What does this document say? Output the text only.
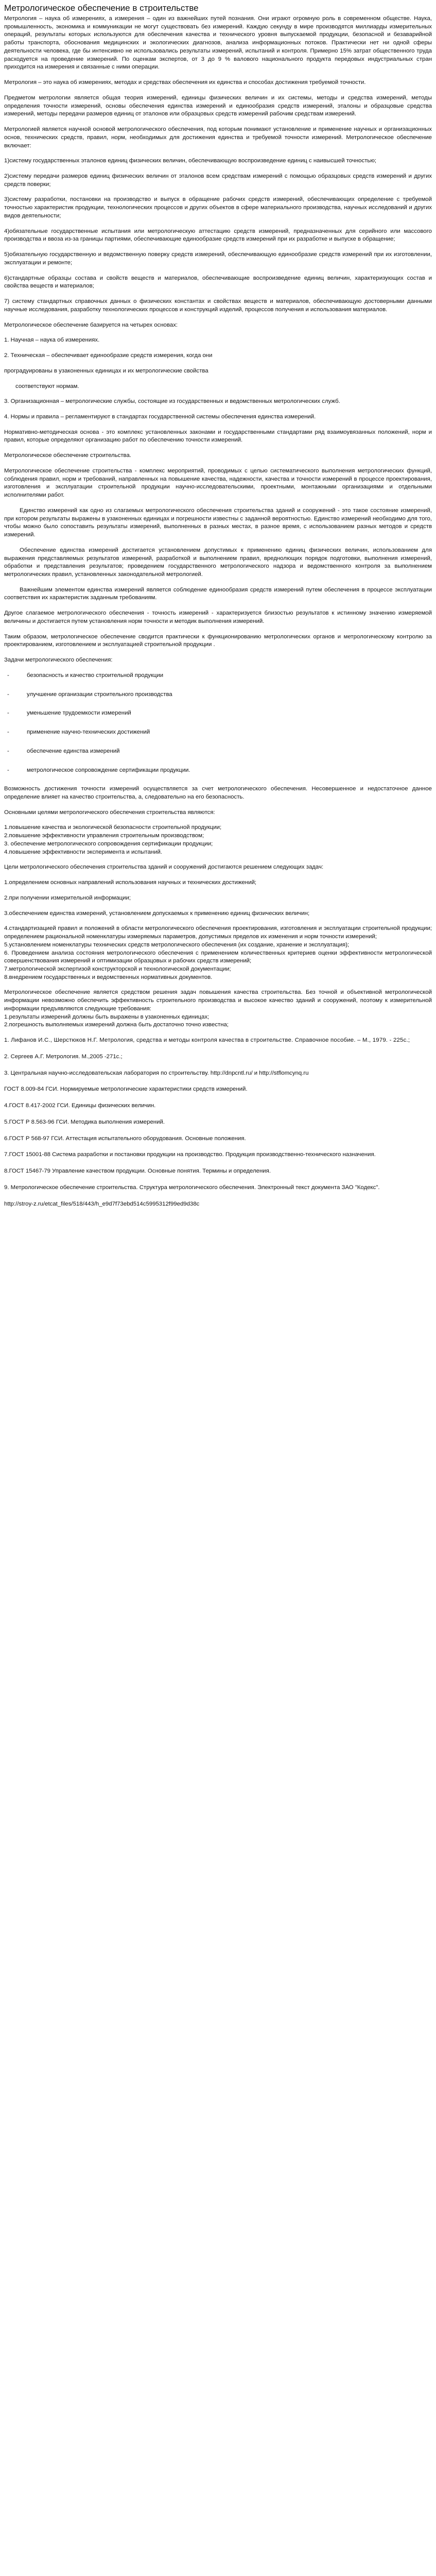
Метрологическое обеспечение в строительстве
Метрология – наука об измерениях, а измерения – один из важнейших путей познания. Они играют огромную роль в современном обществе. Наука, промышленность, экономика и коммуникации не могут существовать без измерений. Каждую секунду в мире производятся миллиарды измерительных операций, результаты которых используются для обеспечения качества и технического уровня выпускаемой продукции, безопасной и безаварийной работы транспорта, обоснования медицинских и экологических диагнозов, анализа информационных потоков. Практически нет ни одной сферы деятельности человека, где бы интенсивно не использовались результаты измерений, испытаний и контроля. Примерно 15% затрат общественного труда расходуется на проведение измерений. По оценкам экспертов, от 3 до 9 % валового национального продукта передовых индустриальных стран приходится на измерения и связанные с ними операции.
Метрология – это наука об измерениях, методах и средствах обеспечения их единства и способах достижения требуемой точности.
Предметом метрологии является общая теория измерений, единицы физических величин и их системы, методы и средства измерений, методы определения точности измерений, основы обеспечения единства измерений и единообразия средств измерений, эталоны и образцовые средства измерений, методы передачи размеров единиц от эталонов или образцовых средств измерений рабочим средствам измерений.
Метрологией является научной основой метрологического обеспечения, под которым понимают установление и применение научных и организационных основ, технических средств, правил, норм, необходимых для достижения единства и требуемой точности измерений. Метрологическое обеспечение включает:
1)систему государственных эталонов единиц физических величин, обеспечивающую воспроизведение единиц с наивысшей точностью;
2)систему передачи размеров единиц физических величин от эталонов всем средствам измерений с помощью образцовых средств измерений и других средств поверки;
3)систему разработки, постановки на производство и выпуск в обращение рабочих средств измерений, обеспечивающих определение с требуемой точностью характеристик продукции, технологических процессов и других объектов в сфере материального производства, научных исследований и других видов деятельности;
4)обязательные государственные испытания или метрологическую аттестацию средств измерений, предназначенных для серийного или массового производства и ввоза из-за границы партиями, обеспечивающие единообразие средств измерений при их разработке и выпуске в обращение;
5)обязательную государственную и ведомственную поверку средств измерений, обеспечивающую единообразие средств измерений при их изготовлении, эксплуатации и ремонте;
6)стандартные образцы состава и свойств веществ и материалов, обеспечивающие воспроизведение единиц величин, характеризующих состав и свойства веществ и материалов;
7) систему стандартных справочных данных о физических константах и свойствах веществ и материалов, обеспечивающую достоверными данными научные исследования, разработку технологических процессов и конструкций изделий, процессов получения и использования материалов.
Метрологическое обеспечение базируется на четырех основах:
1. Научная – наука об измерениях.
2. Техническая – обеспечивает единообразие средств измерения, когда они
проградуированы в узаконенных единицах и их метрологические свойства
соответствуют нормам.
3. Организационная – метрологические службы, состоящие из государственных и ведомственных метрологических служб.
4. Нормы и правила – регламентируют в стандартах государственной системы обеспечения единства измерений.
Нормативно-методическая основа - это комплекс установленных законами и государственными стандартами ряд взаимоувязанных положений, норм и правил, которые определяют организацию работ по обеспечению точности измерений.
Метрологическое обеспечение строительства.
Метрологическое обеспечение строительства - комплекс мероприятий, проводимых с целью систематического выполнения метрологических функций, соблюдения правил, норм и требований, направленных на повышение качества, надежности, качества и точности измерений в процессе проектирования, изготовления и эксплуатации строительной продукции научно-исследовательскими, проектными, монтажными организациями и отдельными исполнителями работ.
Единство измерений как одно из слагаемых метрологического обеспечения строительства зданий и сооружений - это такое состояние измерений, при котором результаты выражены в узаконенных единицах и погрешности известны с заданной вероятностью. Единство измерений необходимо для того, чтобы можно было сопоставить результаты измерений, выполненных в разных местах, в разное время, с использованием разных методов и средств измерений.
Обеспечение единства измерений достигается установлением допустимых к применению единиц физических величин, использованием для выражения представляемых результатов измерений, разработкой и выполнением правил, вреднолющих порядок подготовки, выполнения измерений, обработки и представления результатов; проведением государственного метрологического надзора и ведомственного контроля за выполнением метрологических правил, установленных законодательной метрологией.
Важнейшим элементом единства измерений является соблюдение единообразия средств измерений путем обеспечения в процессе эксплуатации соответствия их характеристик заданным требованиям.
Другое слагаемое метрологического обеспечения - точность измерений - характеризуется близостью результатов к истинному значению измеряемой величины и достигается путем установления норм точности и методик выполнения измерений.
Таким образом, метрологическое обеспечение сводится практически к функционированию метрологических органов и метрологическому контролю за проектированием, изготовлением и эксплуатацией строительной продукции .
Задачи метрологического обеспечения:
-	безопасность и качество строительной продукции
-	улучшение организации строительного производства
-	уменьшение трудоемкости измерений
-	применение научно-технических достижений
-	обеспечение единства измерений
-	метрологическое сопровождение сертификации продукции.
Возможность достижения точности измерений осуществляется за счет метрологического обеспечения. Несовершенное и недостаточное данное определение влияет на качество строительства, а, следовательно на его безопасность.
Основными целями метрологического обеспечения строительства являются:
1.повышение качества и экологической безопасности строительной продукции;
2.повышение эффективности управления строительным производством;
3. обеспечение метрологического сопровождения сертификации продукции;
4.повышение эффективности эксперимента и испытаний.
Цели метрологического обеспечения строительства зданий и сооружений достигаются решением следующих задач:
1.определением основных направлений использования научных и технических достижений;
2.при получении измерительной информации;
3.обеспечением единства измерений, установлением допускаемых к применению единиц физических величин;
4.стандартизацией правил и положений в области метрологического обеспечения проектирования, изготовления и эксплуатации строительной продукции; определением рациональной номенклатуры измеряемых параметров, допустимых пределов их изменения и норм точности измерений;
5.установлением номенклатуры технических средств метрологического обеспечения (их создание, хранение и эксплуатация);
6. Проведением анализа состояния метрологического обеспечения с применением количественных критериев оценки эффективности метрологической совершенствования измерений и оптимизации образцовых и рабочих средств измерений;
7.метрологической экспертизой конструкторской и технологической документации;
8.внедрением государственных и ведомственных нормативных документов.
Метрологическое обеспечение является средством решения задач повышения качества строительства. Без точной и объективной метрологической информации невозможно обеспечить эффективность строительного производства и высокое качество зданий и сооружений, поэтому к измерительной информации предъявляются следующие требования:
1.результаты измерений должны быть выражены в узаконенных единицах;
2.погрешность выполняемых измерений должна быть достаточно точно известна;
1. Лифанов И.С., Шерстюков Н.Г. Метрология, средства и методы контроля качества в строительстве. Справочное пособие. – М., 1979. - 225с.;
2. Сергеев А.Г. Метрология. М.,2005 -271с.;
3. Центральная научно-исследовательская лаборатория по строительству. http://dnpcntl.ru/ и http://stflomcynq.ru
ГОСТ 8.009-84 ГСИ. Нормируемые метрологические характеристики средств измерений.
4.ГОСТ 8.417-2002 ГСИ. Единицы физических величин.
5.ГОСТ Р 8.563-96 ГСИ. Методика выполнения измерений.
6.ГОСТ Р 568-97 ГСИ. Аттестация испытательного оборудования. Основные положения.
7.ГОСТ 15001-88 Система разработки и постановки продукции на производство. Продукция производственно-технического назначения.
8.ГОСТ 15467-79 Управление качеством продукции. Основные понятия. Термины и определения.
9. Метрологическое обеспечение строительства. Структура метрологического обеспечения. Электронный текст документа ЗАО "Кодекс".
http://stroy-z.ru/etcat_files/518/443/h_e9d7f73ebd514c5995312f99ed9d38c
